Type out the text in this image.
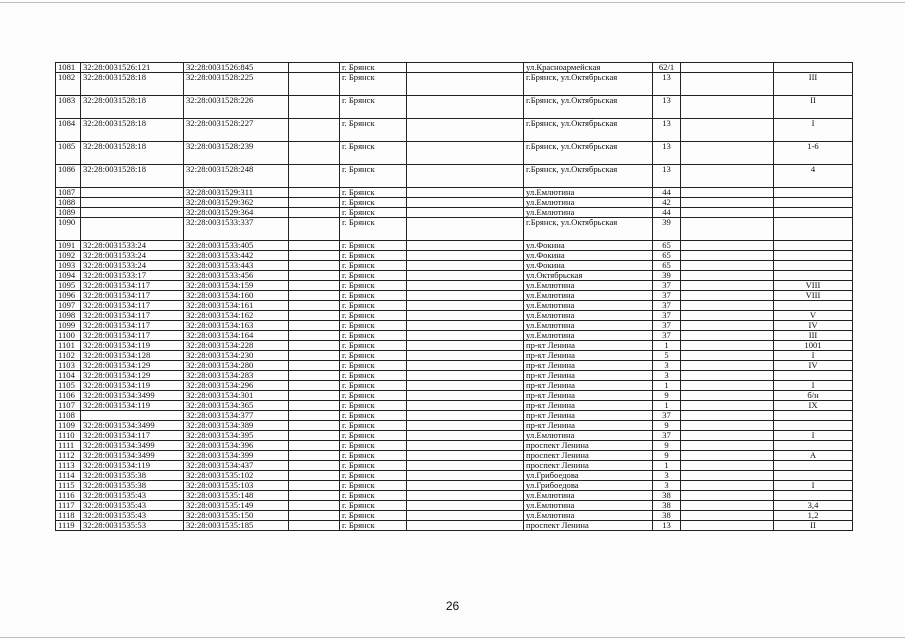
1081	32:28:0031526:121	32:28:0031526:845		г. Брянск		ул.Красноармейская	62/1		
1082	32:28:0031528:18	32:28:0031528:225		г. Брянск		г.Брянск, ул.Октябрьская	13		III
1083	32:28:0031528:18	32:28:0031528:226		г. Брянск		г.Брянск, ул.Октябрьская	13		II
1084	32:28:0031528:18	32:28:0031528:227		г. Брянск		г.Брянск, ул.Октябрьская	13		I
1085	32:28:0031528:18	32:28:0031528:239		г. Брянск		г.Брянск, ул.Октябрьская	13		1-6
1086	32:28:0031528:18	32:28:0031528:248		г. Брянск		г.Брянск, ул.Октябрьская	13		4
1087		32:28:0031529:311		г. Брянск		ул.Емлютина	44		
1088		32:28:0031529:362		г. Брянск		ул.Емлютина	42		
1089		32:28:0031529:364		г. Брянск		ул.Емлютина	44		
1090		32:28:0031533:337		г. Брянск		г.Брянск, ул.Октябрьская	39		
1091	32:28:0031533:24	32:28:0031533:405		г. Брянск		ул.Фокина	65		
1092	32:28:0031533:24	32:28:0031533:442		г. Брянск		ул.Фокина	65		
1093	32:28:0031533:24	32:28:0031533:443		г. Брянск		ул.Фокина	65		
1094	32:28:0031533:17	32:28:0031533:456		г. Брянск		ул.Октябрьская	39		
1095	32:28:0031534:117	32:28:0031534:159		г. Брянск		ул.Емлютина	37		VIII
1096	32:28:0031534:117	32:28:0031534:160		г. Брянск		ул.Емлютина	37		VIII
1097	32:28:0031534:117	32:28:0031534:161		г. Брянск		ул.Емлютина	37		
1098	32:28:0031534:117	32:28:0031534:162		г. Брянск		ул.Емлютина	37		V
1099	32:28:0031534:117	32:28:0031534:163		г. Брянск		ул.Емлютина	37		IV
1100	32:28:0031534:117	32:28:0031534:164		г. Брянск		ул.Емлютина	37		III
1101	32:28:0031534:119	32:28:0031534:228		г. Брянск		пр-кт Ленина	1		1001
1102	32:28:0031534:128	32:28:0031534:230		г. Брянск		пр-кт Ленина	5		I
1103	32:28:0031534:129	32:28:0031534:280		г. Брянск		пр-кт Ленина	3		IV
1104	32:28:0031534:129	32:28:0031534:283		г. Брянск		пр-кт Ленина	3		
1105	32:28:0031534:119	32:28:0031534:296		г. Брянск		пр-кт Ленина	1		I
1106	32:28:0031534:3499	32:28:0031534:301		г. Брянск		пр-кт Ленина	9		б/н
1107	32:28:0031534:119	32:28:0031534:365		г. Брянск		пр-кт Ленина	1		IX
1108		32:28:0031534:377		г. Брянск		пр-кт Ленина	37		
1109	32:28:0031534:3499	32:28:0031534:389		г. Брянск		пр-кт Ленина	9		
1110	32:28:0031534:117	32:28:0031534:395		г. Брянск		ул.Емлютина	37		I
1111	32:28:0031534:3499	32:28:0031534:396		г. Брянск		проспект Ленина	9		
1112	32:28:0031534:3499	32:28:0031534:399		г. Брянск		проспект Ленина	9		А
1113	32:28:0031534:119	32:28:0031534:437		г. Брянск		проспект Ленина	1		
1114	32:28:0031535:38	32:28:0031535:102		г. Брянск		ул.Грибоедова	3		
1115	32:28:0031535:38	32:28:0031535:103		г. Брянск		ул.Грибоедова	3		I
1116	32:28:0031535:43	32:28:0031535:148		г. Брянск		ул.Емлютина	38		
1117	32:28:0031535:43	32:28:0031535:149		г. Брянск		ул.Емлютина	38		3,4
1118	32:28:0031535:43	32:28:0031535:150		г. Брянск		ул.Емлютина	38		1,2
1119	32:28:0031535:53	32:28:0031535:185		г. Брянск		проспект Ленина	13		II
26
